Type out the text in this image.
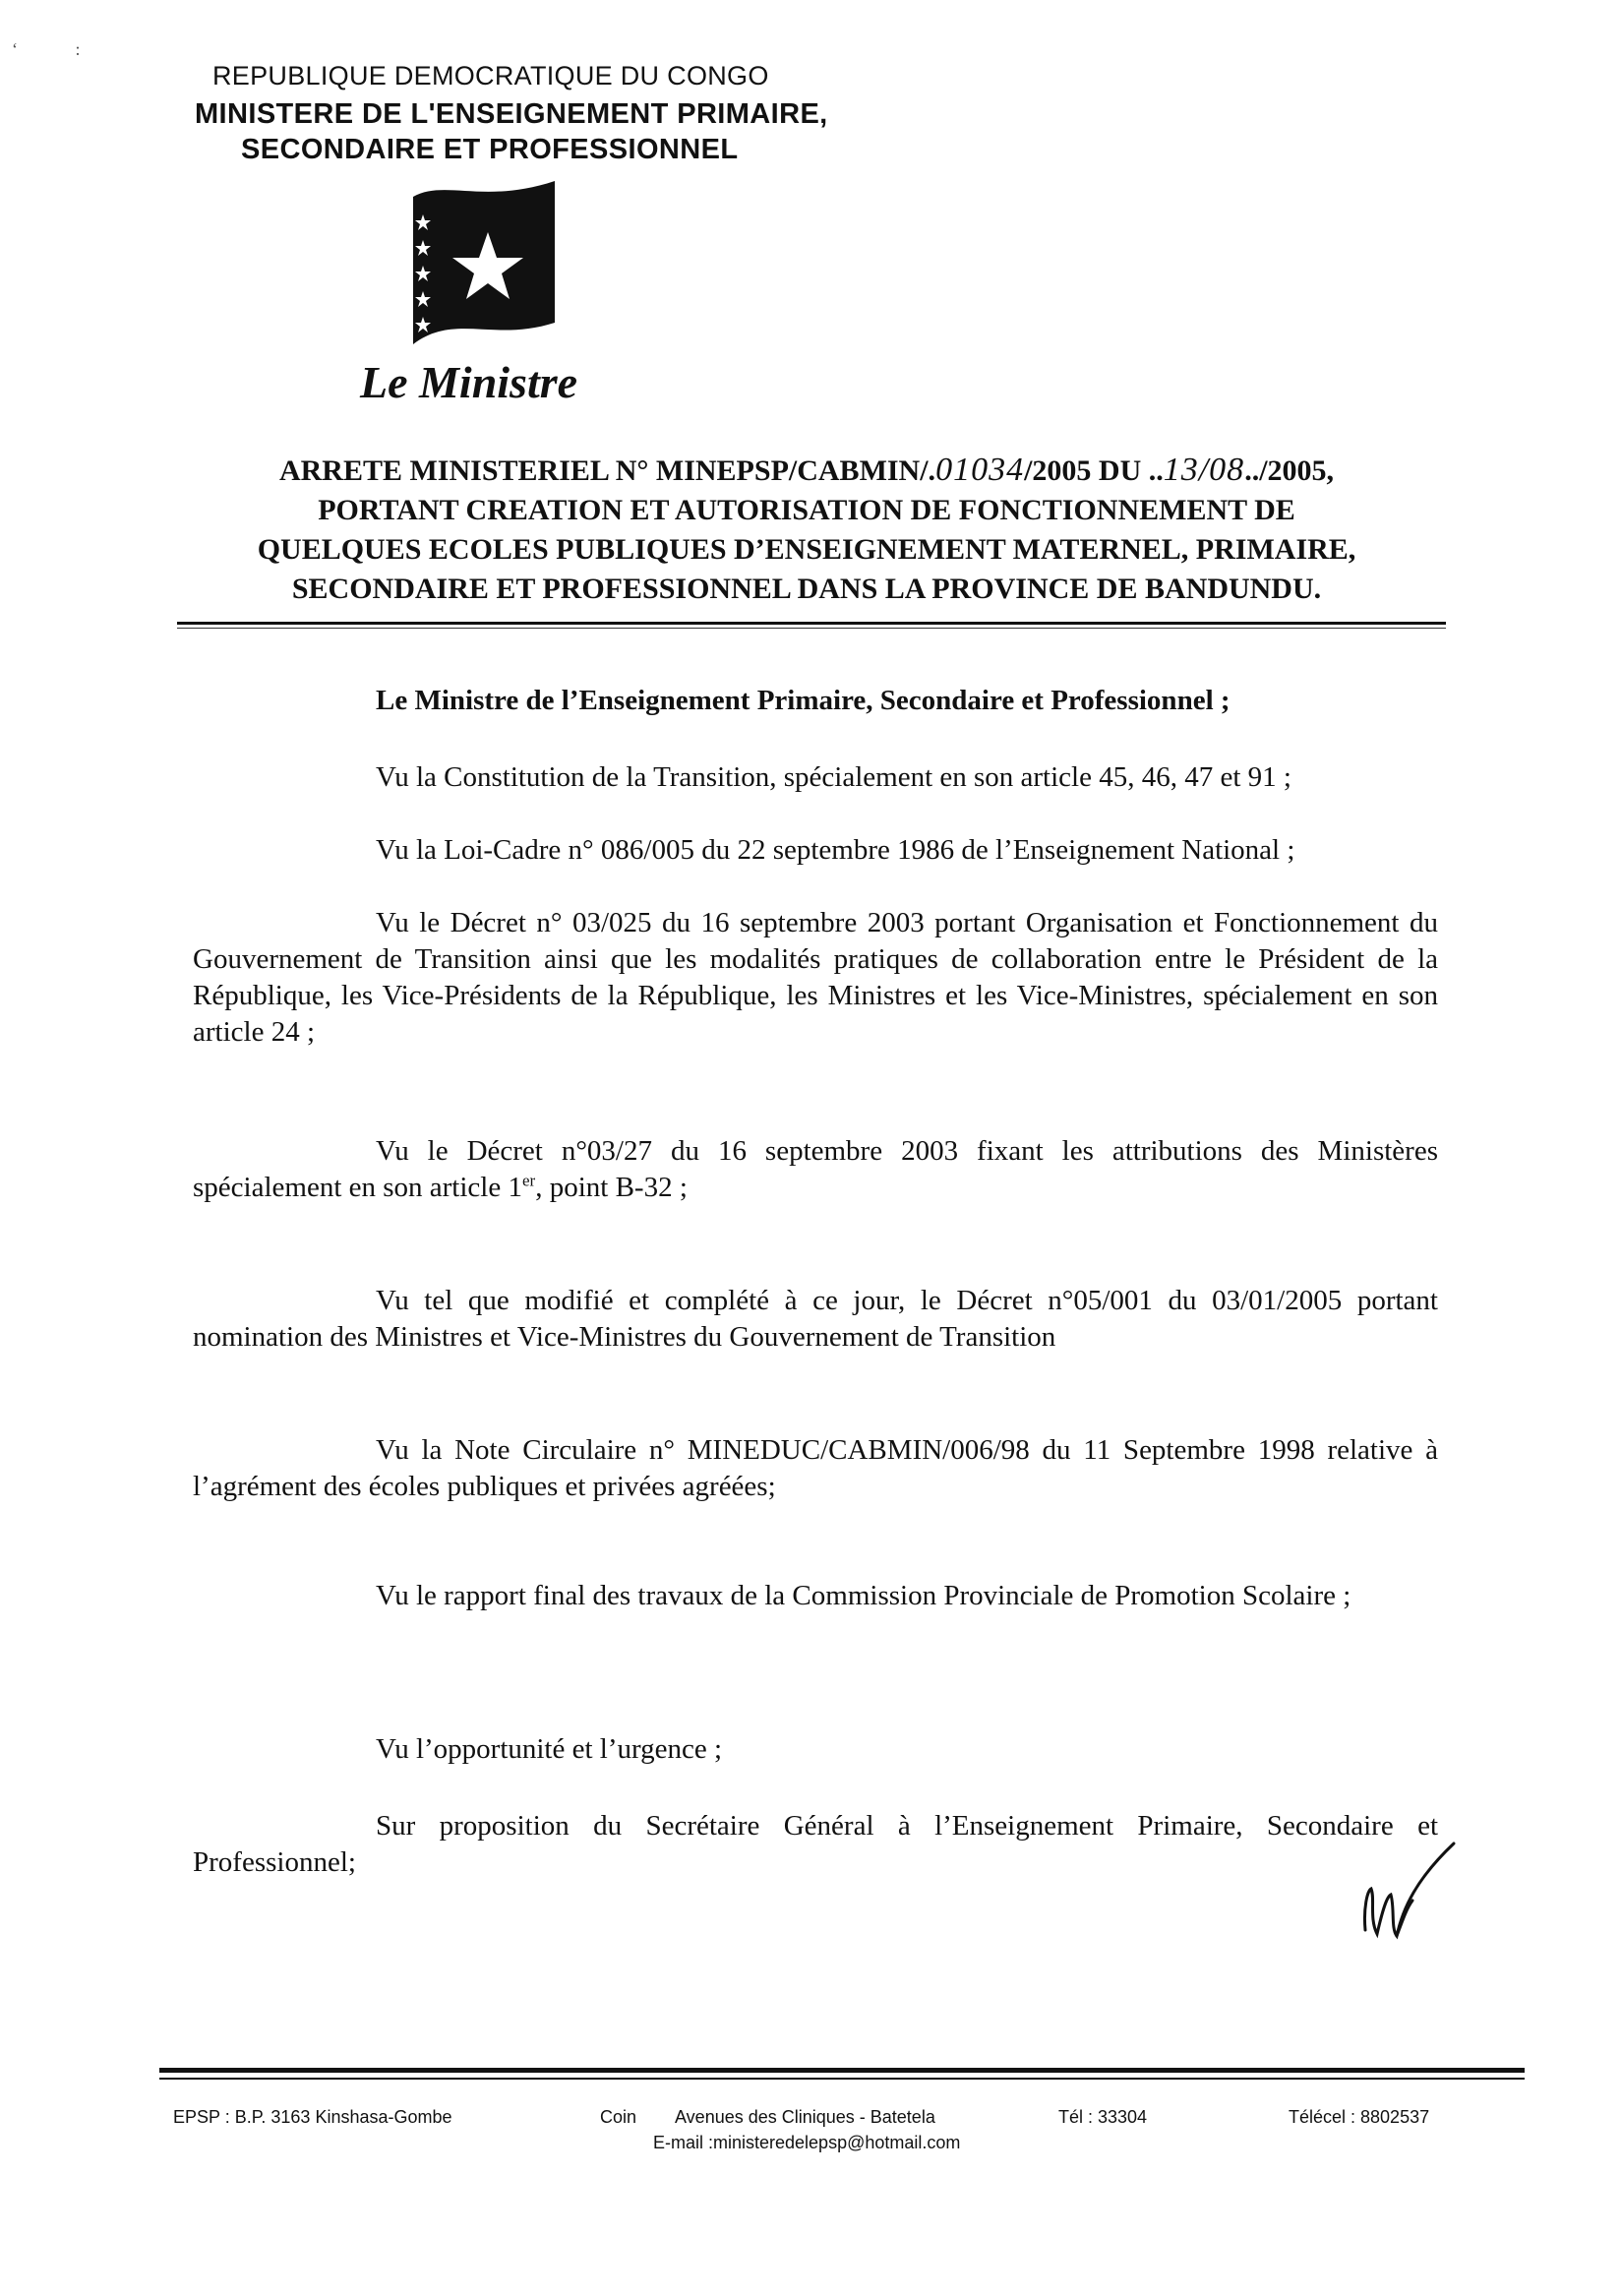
‘             :
REPUBLIQUE DEMOCRATIQUE DU CONGO
MINISTERE DE L'ENSEIGNEMENT PRIMAIRE,
SECONDAIRE ET PROFESSIONNEL
Le Ministre
ARRETE MINISTERIEL N° MINEPSP/CABMIN/.01034/2005 DU ..13/08../2005,
PORTANT CREATION ET AUTORISATION DE FONCTIONNEMENT DE
QUELQUES ECOLES PUBLIQUES D’ENSEIGNEMENT MATERNEL, PRIMAIRE,
SECONDAIRE ET PROFESSIONNEL DANS LA PROVINCE DE BANDUNDU.
Le Ministre de l’Enseignement Primaire, Secondaire et Professionnel ;
Vu la Constitution de la Transition, spécialement en son article 45, 46, 47 et 91 ;
Vu la Loi-Cadre n° 086/005 du 22 septembre 1986 de l’Enseignement National ;
Vu le Décret n° 03/025 du 16 septembre 2003 portant Organisation et Fonctionnement du Gouvernement de Transition ainsi que les modalités pratiques de collaboration entre le Président de la République, les Vice-Présidents de la République, les Ministres et les Vice-Ministres, spécialement en son article 24 ;
Vu le Décret n°03/27 du 16 septembre 2003 fixant les attributions des Ministères spécialement en son article 1er, point B-32 ;
Vu tel que modifié et complété à ce jour, le Décret n°05/001 du 03/01/2005 portant nomination des Ministres et Vice-Ministres du Gouvernement de Transition
Vu la Note Circulaire n° MINEDUC/CABMIN/006/98 du 11 Septembre 1998 relative à l’agrément des écoles publiques et privées agréées;
Vu le rapport final des travaux de la Commission Provinciale de Promotion Scolaire ;
Vu l’opportunité et l’urgence ;
Sur proposition du Secrétaire Général à l’Enseignement Primaire, Secondaire et Professionnel;
EPSP : B.P. 3163 Kinshasa-Gombe	Coin Avenues des Cliniques - Batetela
E-mail :ministeredelepsp@hotmail.com
Tél : 33304	Télécel : 8802537
